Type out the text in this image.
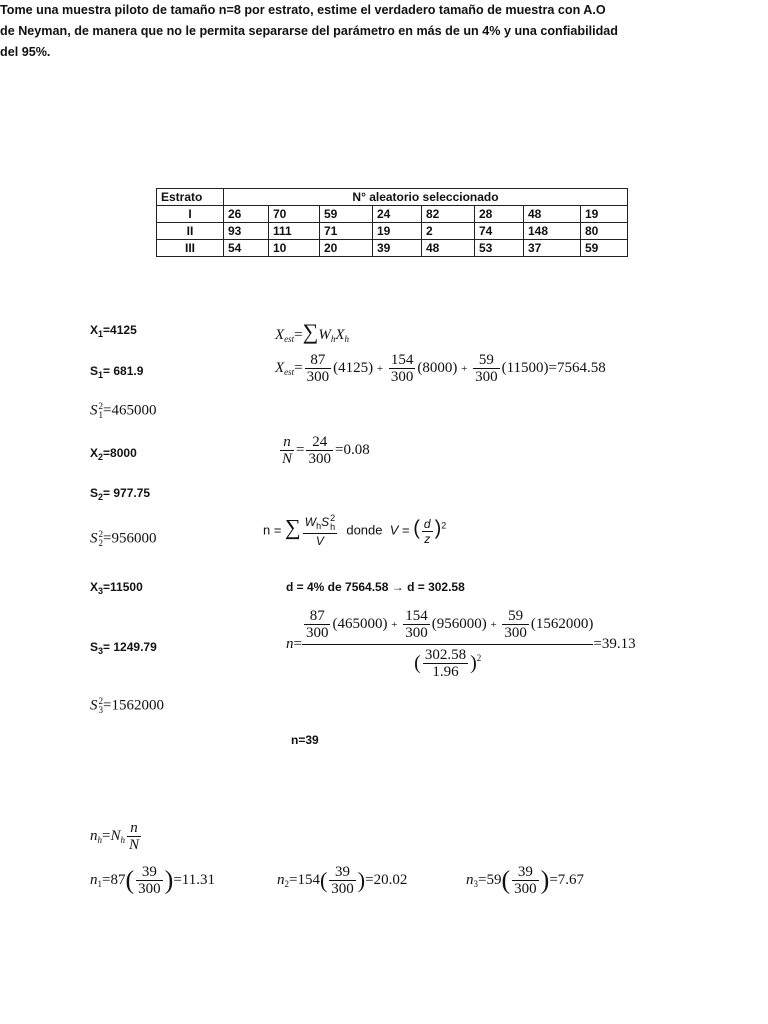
Tome una muestra piloto de tamaño n=8 por estrato, estime el verdadero tamaño de muestra con A.O de Neyman, de manera que no le permita separarse del parámetro en más de un 4% y una confiabilidad del 95%.

Estrato	N° aleatorio seleccionado							
I	26	70	59	24	82	28	48	19
II	93	111	71	19	2	74	148	80
III	54	10	20	39	48	53	37	59
$X_1=4125$
$S_1= 681.9$
S 2
1 =465000
$X_2=8000$
$S_2= 977.75$
S 2
2 =956000
$X_3=11500$
$S_3= 1249.79$
S 2
3 =1562000
$X_{est}=\sum W_hX_h$
$X_{est}= \frac{87}{300} (4125) + \frac{154}{300} (8000) + \frac{59}{300} (11500)=7564.58$
$\frac{n}{N} = \frac{24}{300} =0.08$
n = ∑ $W_hS$ 2
h
V donde V = ( $\frac{d}{z} )^2$
d = 4% de 7564.58 → d = 302.58
$n= \frac{\frac{87}{300} (465000) + \frac{154}{300} (956000) + \frac{59}{300} (1562000)}{( \frac{302.58}{1.96} )^2} =39.13$
n=39
$n_h=N_h \frac{n}{N}$
$n_1=87( \frac{39}{300} )=11.31$	$n_2=154( \frac{39}{300} )=20.02$	$n_3=59( \frac{39}{300} )=7.67$
